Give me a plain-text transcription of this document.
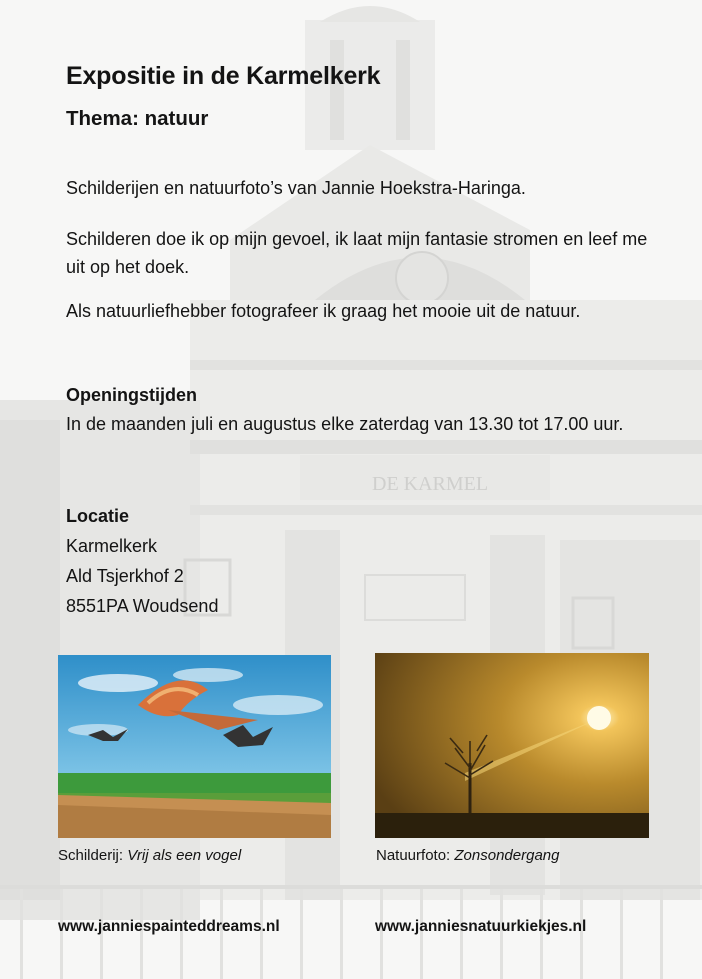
DE KARMEL
Expositie in de Karmelkerk
Thema: natuur
Schilderijen en natuurfoto’s van Jannie Hoekstra-Haringa.
Schilderen doe ik op mijn gevoel, ik laat mijn fantasie stromen en leef me uit op het doek.
Als natuurliefhebber fotografeer ik graag het mooie uit de natuur.
Openingstijden
In de maanden juli en augustus elke zaterdag van 13.30 tot 17.00 uur.
Locatie
Karmelkerk
Ald Tsjerkhof 2
8551PA Woudsend
Schilderij: Vrij als een vogel	Natuurfoto: Zonsondergang
www.janniespainteddreams.nl	www.janniesnatuurkiekjes.nl
